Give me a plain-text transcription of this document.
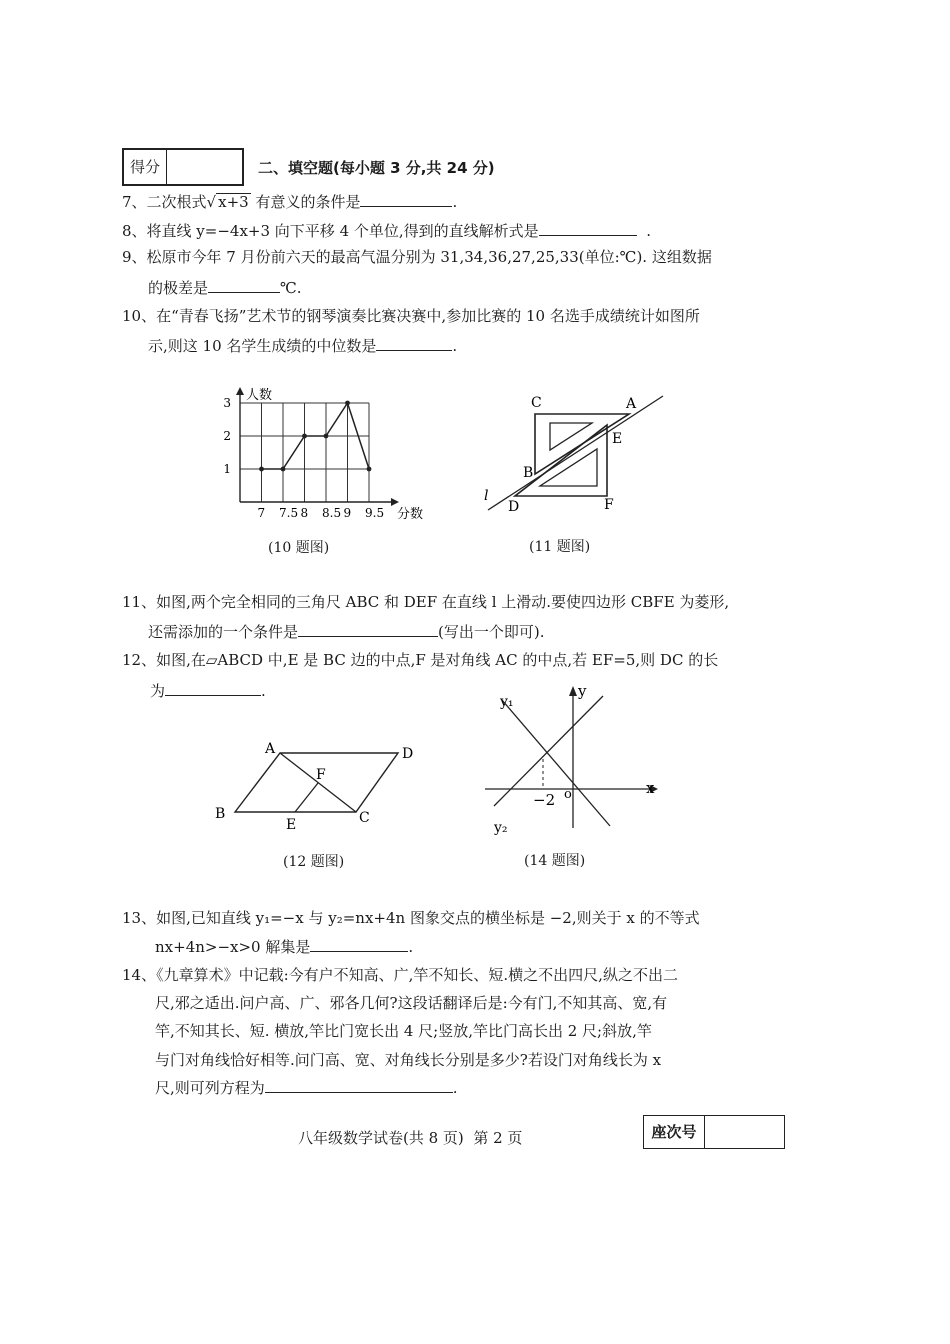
得分	二、填空题(每小题 3 分,共 24 分)
7、二次根式√ x+3 有意义的条件是	.
8、将直线 y=−4x+3 向下平移 4 个单位,得到的直线解析式是	.
9、松原市今年 7 月份前六天的最高气温分别为 31,34,36,27,25,33(单位:℃). 这组数据
的极差是	℃.
10、在“青春飞扬”艺术节的钢琴演奏比赛决赛中,参加比赛的 10 名选手成绩统计如图所
示,则这 10 名学生成绩的中位数是	.
7 7.5 8 8.5 9 9.5
1
2
3 人数
分数
(10 题图)
C	A
E
B
l
D	F
(11 题图)
11、如图,两个完全相同的三角尺 ABC 和 DEF 在直线 l 上滑动.要使四边形 CBFE 为菱形,
还需添加的一个条件是	(写出一个即可).
12、如图,在▱ABCD 中,E 是 BC 边的中点,F 是对角线 AC 的中点,若 EF=5,则 DC 的长
为	.
A	D
F
B
E	C
(12 题图)
y₁
y
x
−2 o
y₂
(14 题图)
13、如图,已知直线 y₁=−x 与 y₂=nx+4n 图象交点的横坐标是 −2,则关于 x 的不等式
nx+4n>−x>0 解集是	.
14、《九章算术》中记载:今有户不知高、广,竿不知长、短.横之不出四尺,纵之不出二
尺,邪之适出.问户高、广、邪各几何?这段话翻译后是:今有门,不知其高、宽,有
竿,不知其长、短. 横放,竿比门宽长出 4 尺;竖放,竿比门高长出 2 尺;斜放,竿
与门对角线恰好相等.问门高、宽、对角线长分别是多少?若设门对角线长为 x
尺,则可列方程为	.
八年级数学试卷(共 8 页)  第 2 页	座次号
